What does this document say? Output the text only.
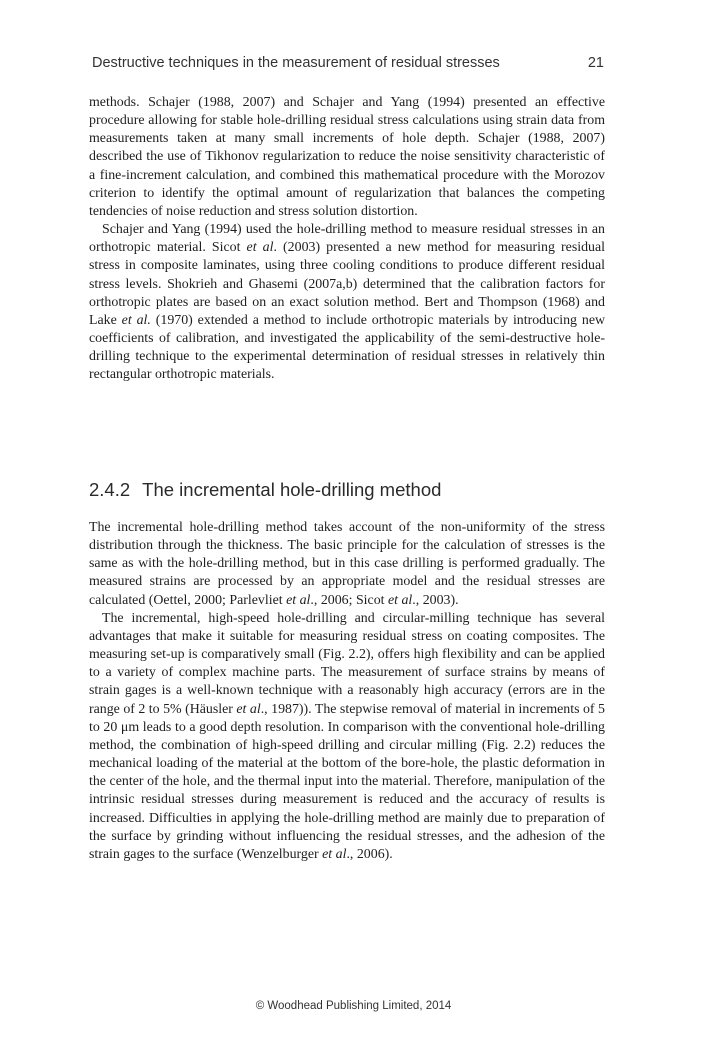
Destructive techniques in the measurement of residual stresses	21

methods. Schajer (1988, 2007) and Schajer and Yang (1994) presented an effective procedure allowing for stable hole-drilling residual stress calculations using strain data from measurements taken at many small increments of hole depth. Schajer (1988, 2007) described the use of Tikhonov regularization to reduce the noise sensitivity characteristic of a fine-increment calculation, and combined this mathematical procedure with the Morozov criterion to identify the optimal amount of regularization that balances the competing tendencies of noise reduction and stress solution distortion.

Schajer and Yang (1994) used the hole-drilling method to measure residual stresses in an orthotropic material. Sicot et al. (2003) presented a new method for measuring residual stress in composite laminates, using three cooling conditions to produce different residual stress levels. Shokrieh and Ghasemi (2007a,b) determined that the calibration factors for orthotropic plates are based on an exact solution method. Bert and Thompson (1968) and Lake et al. (1970) extended a method to include orthotropic materials by introducing new coefficients of calibration, and investigated the applicability of the semi-destructive hole-drilling technique to the experimental determination of residual stresses in relatively thin rectangular orthotropic materials.

2.4.2 The incremental hole-drilling method

The incremental hole-drilling method takes account of the non-uniformity of the stress distribution through the thickness. The basic principle for the calculation of stresses is the same as with the hole-drilling method, but in this case drilling is performed gradually. The measured strains are processed by an appropriate model and the residual stresses are calculated (Oettel, 2000; Parlevliet et al., 2006; Sicot et al., 2003).

The incremental, high-speed hole-drilling and circular-milling technique has several advantages that make it suitable for measuring residual stress on coating composites. The measuring set-up is comparatively small (Fig. 2.2), offers high flexibility and can be applied to a variety of complex machine parts. The measurement of surface strains by means of strain gages is a well-known technique with a reasonably high accuracy (errors are in the range of 2 to 5% (Häusler et al., 1987)). The stepwise removal of material in increments of 5 to 20 μm leads to a good depth resolution. In comparison with the conventional hole-drilling method, the combination of high-speed drilling and circular milling (Fig. 2.2) reduces the mechanical loading of the material at the bottom of the bore-hole, the plastic deformation in the center of the hole, and the thermal input into the material. Therefore, manipulation of the intrinsic residual stresses during measurement is reduced and the accuracy of results is increased. Difficulties in applying the hole-drilling method are mainly due to preparation of the surface by grinding without influencing the residual stresses, and the adhesion of the strain gages to the surface (Wenzelburger et al., 2006).

© Woodhead Publishing Limited, 2014
